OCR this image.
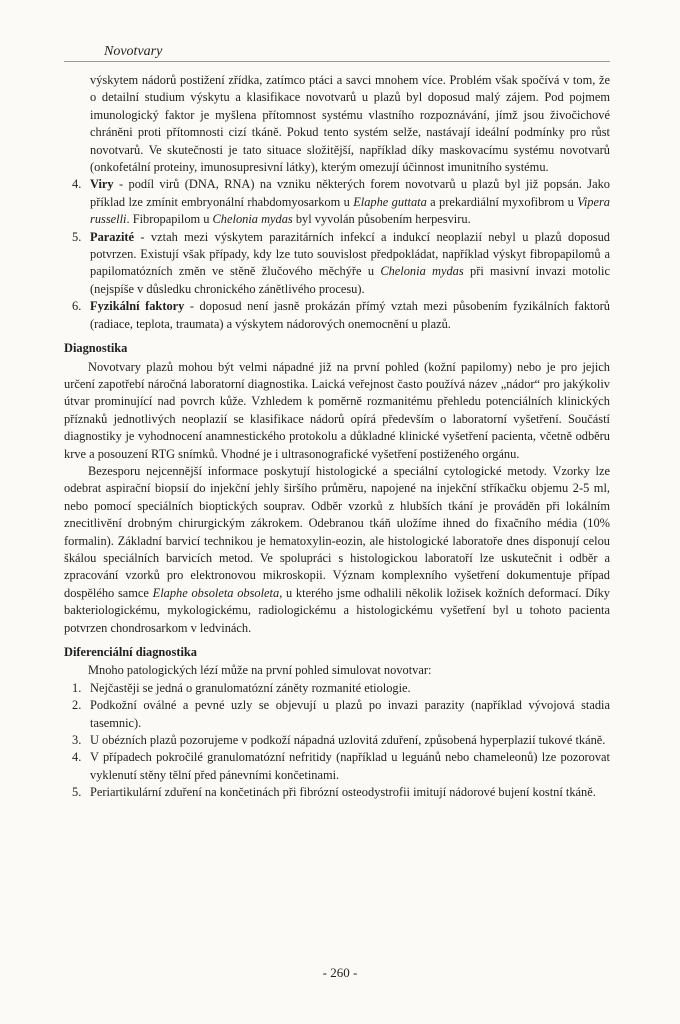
Novotvary

výskytem nádorů postižení zřídka, zatímco ptáci a savci mnohem více. Problém však spočívá v tom, že o detailní studium výskytu a klasifikace novotvarů u plazů byl doposud malý zájem. Pod pojmem imunologický faktor je myšlena přítomnost systému vlastního rozpoznávání, jímž jsou živočichové chráněni proti přítomnosti cizí tkáně. Pokud tento systém selže, nastávají ideální podmínky pro růst novotvarů. Ve skutečnosti je tato situace složitější, například díky maskovacímu systému novotvarů (onkofetální proteiny, imunosupresivní látky), kterým omezují účinnost imunitního systému.

4. Viry - podíl virů (DNA, RNA) na vzniku některých forem novotvarů u plazů byl již popsán. Jako příklad lze zmínit embryonální rhabdomyosarkom u Elaphe guttata a prekardiální myxofibrom u Vipera russelli. Fibropapilom u Chelonia mydas byl vyvolán působením herpesviru.
5. Parazité - vztah mezi výskytem parazitárních infekcí a indukcí neoplazií nebyl u plazů doposud potvrzen. Existují však případy, kdy lze tuto souvislost předpokládat, například výskyt fibropapilomů a papilomatózních změn ve stěně žlučového měchýře u Chelonia mydas při masivní invazi motolic (nejspíše v důsledku chronického zánětlivého procesu).
6. Fyzikální faktory - doposud není jasně prokázán přímý vztah mezi působením fyzikálních faktorů (radiace, teplota, traumata) a výskytem nádorových onemocnění u plazů.
Diagnostika

Novotvary plazů mohou být velmi nápadné již na první pohled (kožní papilomy) nebo je pro jejich určení zapotřebí náročná laboratorní diagnostika. Laická veřejnost často používá název „nádor“ pro jakýkoliv útvar prominující nad povrch kůže. Vzhledem k poměrně rozmanitému přehledu potenciálních klinických příznaků jednotlivých neoplazií se klasifikace nádorů opírá především o laboratorní vyšetření. Součástí diagnostiky je vyhodnocení anamnestického protokolu a důkladné klinické vyšetření pacienta, včetně odběru krve a posouzení RTG snímků. Vhodné je i ultrasonografické vyšetření postiženého orgánu.

Bezesporu nejcennější informace poskytují histologické a speciální cytologické metody. Vzorky lze odebrat aspirační biopsií do injekční jehly širšího průměru, napojené na injekční stříkačku objemu 2-5 ml, nebo pomocí speciálních bioptických souprav. Odběr vzorků z hlubších tkání je prováděn při lokálním znecitlivění drobným chirurgickým zákrokem. Odebranou tkáň uložíme ihned do fixačního média (10% formalin). Základní barvicí technikou je hematoxylin-eozin, ale histologické laboratoře dnes disponují celou škálou speciálních barvicích metod. Ve spolupráci s histologickou laboratoří lze uskutečnit i odběr a zpracování vzorků pro elektronovou mikroskopii. Význam komplexního vyšetření dokumentuje případ dospělého samce Elaphe obsoleta obsoleta, u kterého jsme odhalili několik ložisek kožních deformací. Díky bakteriologickému, mykologickému, radiologickému a histologickému vyšetření byl u tohoto pacienta potvrzen chondrosarkom v ledvinách.

Diferenciální diagnostika

Mnoho patologických lézí může na první pohled simulovat novotvar:

1. Nejčastěji se jedná o granulomatózní záněty rozmanité etiologie.
2. Podkožní oválné a pevné uzly se objevují u plazů po invazi parazity (například vývojová stadia tasemnic).
3. U obézních plazů pozorujeme v podkoží nápadná uzlovitá zduření, způsobená hyperplazií tukové tkáně.
4. V případech pokročilé granulomatózní nefritidy (například u leguánů nebo chameleonů) lze pozorovat vyklenutí stěny tělní před pánevními končetinami.
5. Periartikulární zduření na končetinách při fibrózní osteodystrofii imitují nádorové bujení kostní tkáně.
- 260 -
